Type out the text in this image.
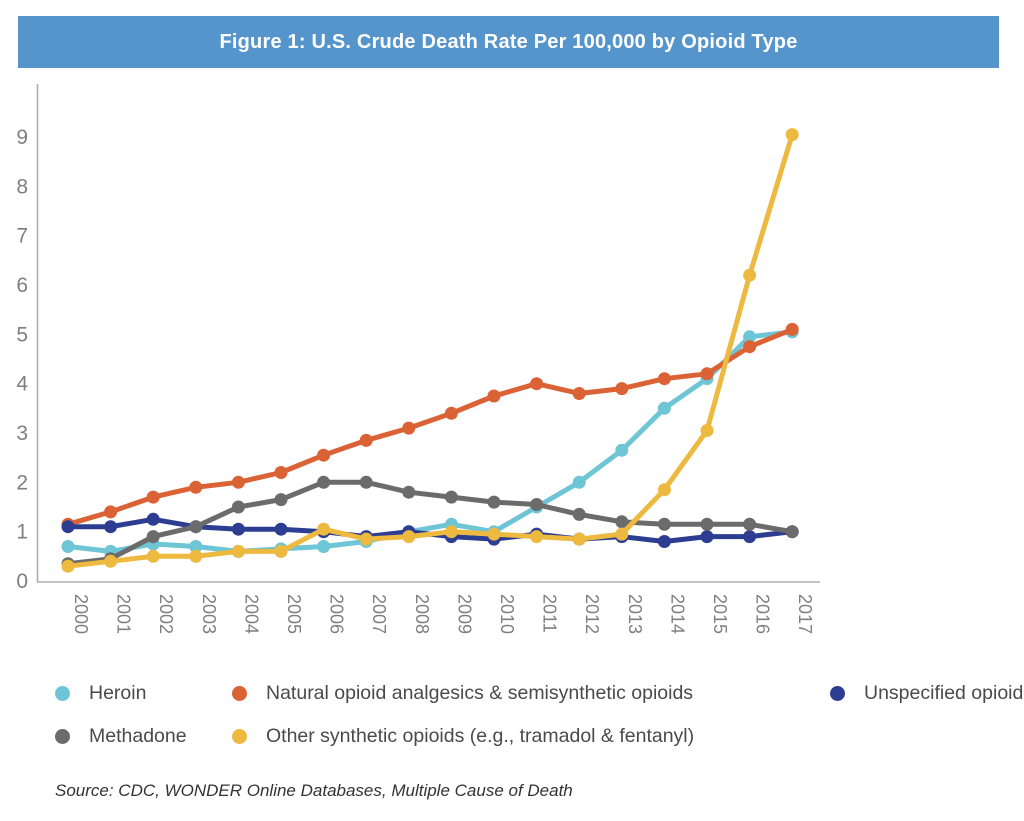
Figure 1: U.S. Crude Death Rate Per 100,000 by Opioid Type
0
1
2
3
4
5
6
7
8
9
2000 2001 2002 2003 2004 2005 2006 2007 2008 2009 2010 2011 2012 2013 2014 2015 2016 2017
Heroin	Natural opioid analgesics & semisynthetic opioids	Unspecified opioid
Methadone	Other synthetic opioids (e.g., tramadol & fentanyl)
Source: CDC, WONDER Online Databases, Multiple Cause of Death
